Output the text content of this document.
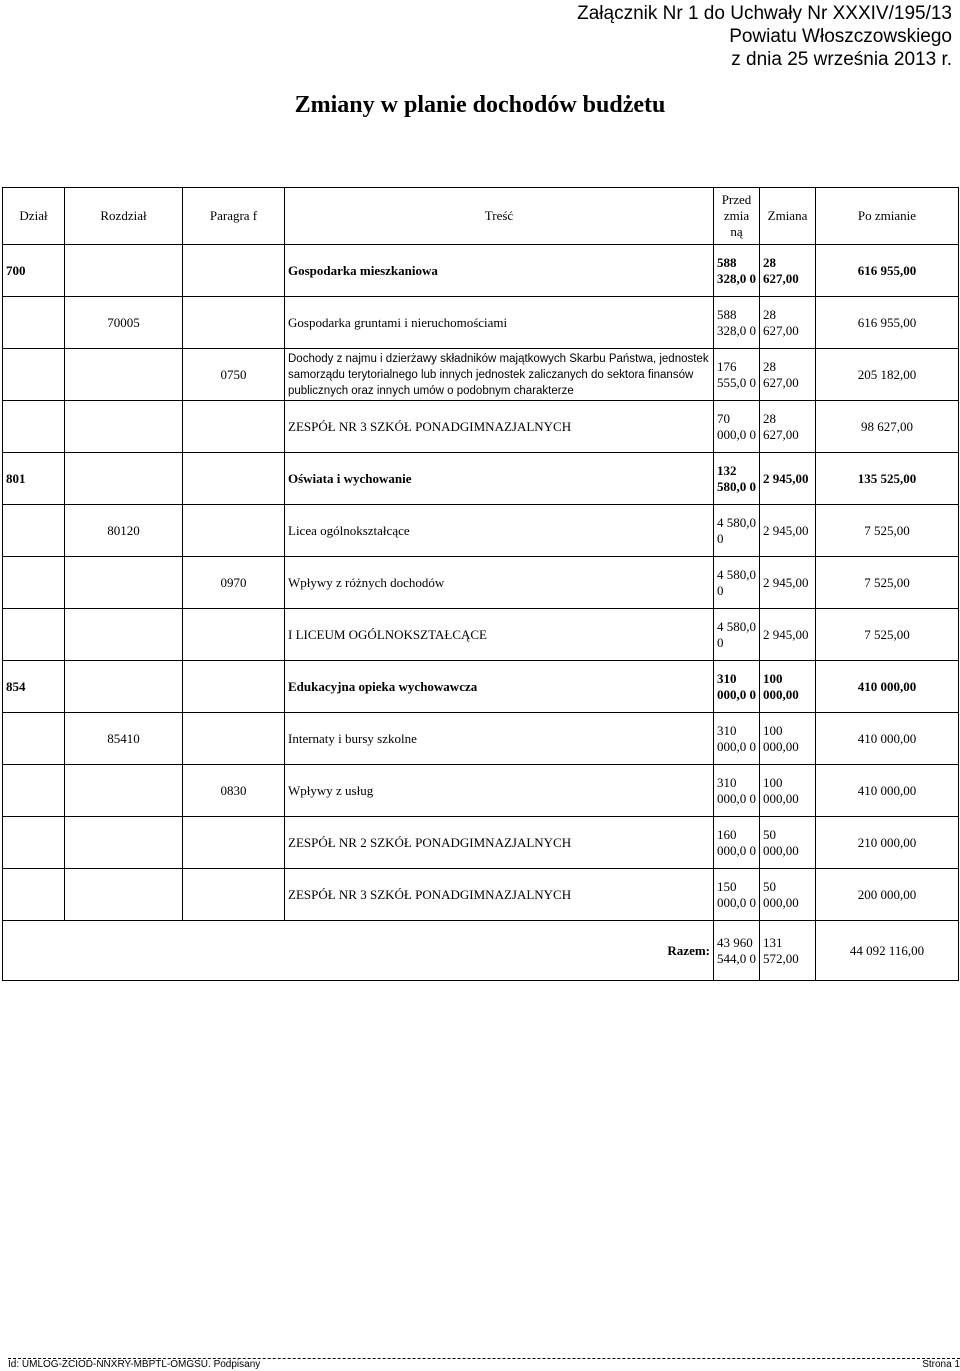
Załącznik Nr 1 do Uchwały Nr XXXIV/195/13
Powiatu Włoszczowskiego
z dnia 25 września 2013 r.
Zmiany w planie dochodów budżetu
Dział	Rozdział	Paragra f	Treść	Przed zmia ną	Zmiana	Po zmianie
700			Gospodarka mieszkaniowa	588 328,0 0	28 627,00	616 955,00
	70005		Gospodarka gruntami i nieruchomościami	588 328,0 0	28 627,00	616 955,00
		0750	Dochody z najmu i dzierżawy składników majątkowych Skarbu Państwa, jednostek samorządu terytorialnego lub innych jednostek zaliczanych do sektora finansów publicznych oraz innych umów o podobnym charakterze	176 555,0 0	28 627,00	205 182,00
			ZESPÓŁ NR 3 SZKÓŁ PONADGIMNAZJALNYCH	70 000,0 0	28 627,00	98 627,00
801			Oświata i wychowanie	132 580,0 0	2 945,00	135 525,00
	80120		Licea ogólnokształcące	4 580,0 0	2 945,00	7 525,00
		0970	Wpływy z różnych dochodów	4 580,0 0	2 945,00	7 525,00
			I LICEUM OGÓLNOKSZTAŁCĄCE	4 580,0 0	2 945,00	7 525,00
854			Edukacyjna opieka wychowawcza	310 000,0 0	100 000,00	410 000,00
	85410		Internaty i bursy szkolne	310 000,0 0	100 000,00	410 000,00
		0830	Wpływy z usług	310 000,0 0	100 000,00	410 000,00
			ZESPÓŁ NR 2 SZKÓŁ PONADGIMNAZJALNYCH	160 000,0 0	50 000,00	210 000,00
			ZESPÓŁ NR 3 SZKÓŁ PONADGIMNAZJALNYCH	150 000,0 0	50 000,00	200 000,00
Razem:				43 960 544,0 0	131 572,00	44 092 116,00
Id: UMLOG-ZCIOD-NNXRY-MBPTL-OMGSU. Podpisany	Strona 1
